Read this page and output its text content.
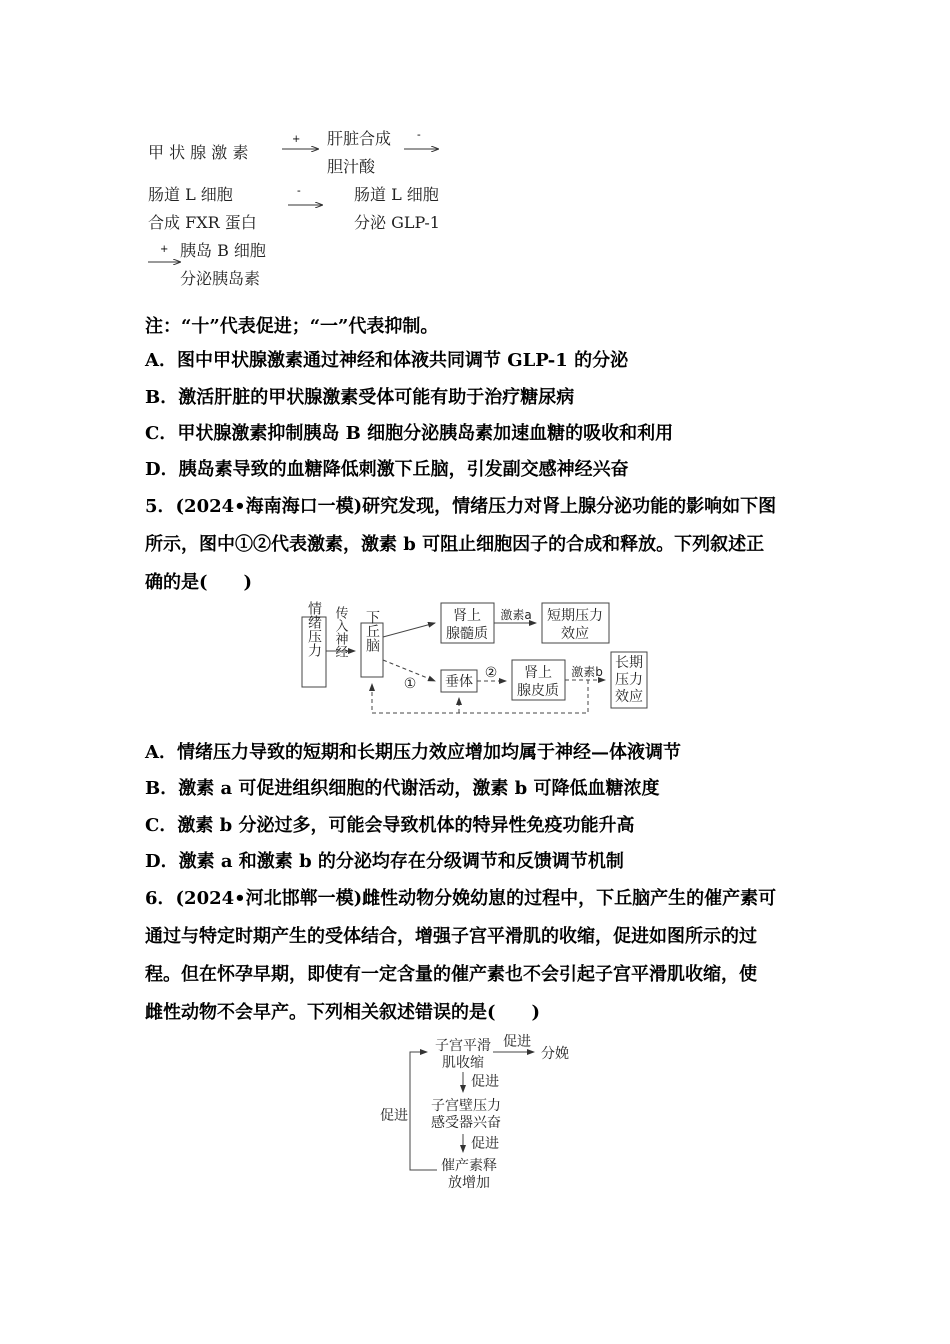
甲 状 腺 激 素
肝脏合成
胆汁酸
肠道 L 细胞
合成 FXR 蛋白
肠道 L 细胞
分泌 GLP-1
胰岛 B 细胞
分泌胰岛素
+	-
-
+
注：“十”代表促进；“一”代表抑制。
A．图中甲状腺激素通过神经和体液共同调节 GLP-1 的分泌
B．激活肝脏的甲状腺激素受体可能有助于治疗糖尿病
C．甲状腺激素抑制胰岛 B 细胞分泌胰岛素加速血糖的吸收和利用
D．胰岛素导致的血糖降低刺激下丘脑，引发副交感神经兴奋
5．(2024•海南海口一模)研究发现，情绪压力对肾上腺分泌功能的影响如下图
所示，图中①②代表激素，激素 b 可阻止细胞因子的合成和释放。下列叙述正
确的是(　　)
情绪压力 传入神经 下丘脑	肾上
腺髓质
激素a 短期压力
效应
垂体
①
② 肾上
腺皮质
激素b
长期
压力
效应
A．情绪压力导致的短期和长期压力效应增加均属于神经—体液调节
B．激素 a 可促进组织细胞的代谢活动，激素 b 可降低血糖浓度
C．激素 b 分泌过多，可能会导致机体的特异性免疫功能升高
D．激素 a 和激素 b 的分泌均存在分级调节和反馈调节机制
6．(2024•河北邯郸一模)雌性动物分娩幼崽的过程中，下丘脑产生的催产素可
通过与特定时期产生的受体结合，增强子宫平滑肌的收缩，促进如图所示的过
程。但在怀孕早期，即使有一定含量的催产素也不会引起子宫平滑肌收缩，使
雌性动物不会早产。下列相关叙述错误的是(　　)
子宫平滑
肌收缩
促进
分娩
促进
子宫壁压力
感受器兴奋
促进
催产素释
放增加
促进
